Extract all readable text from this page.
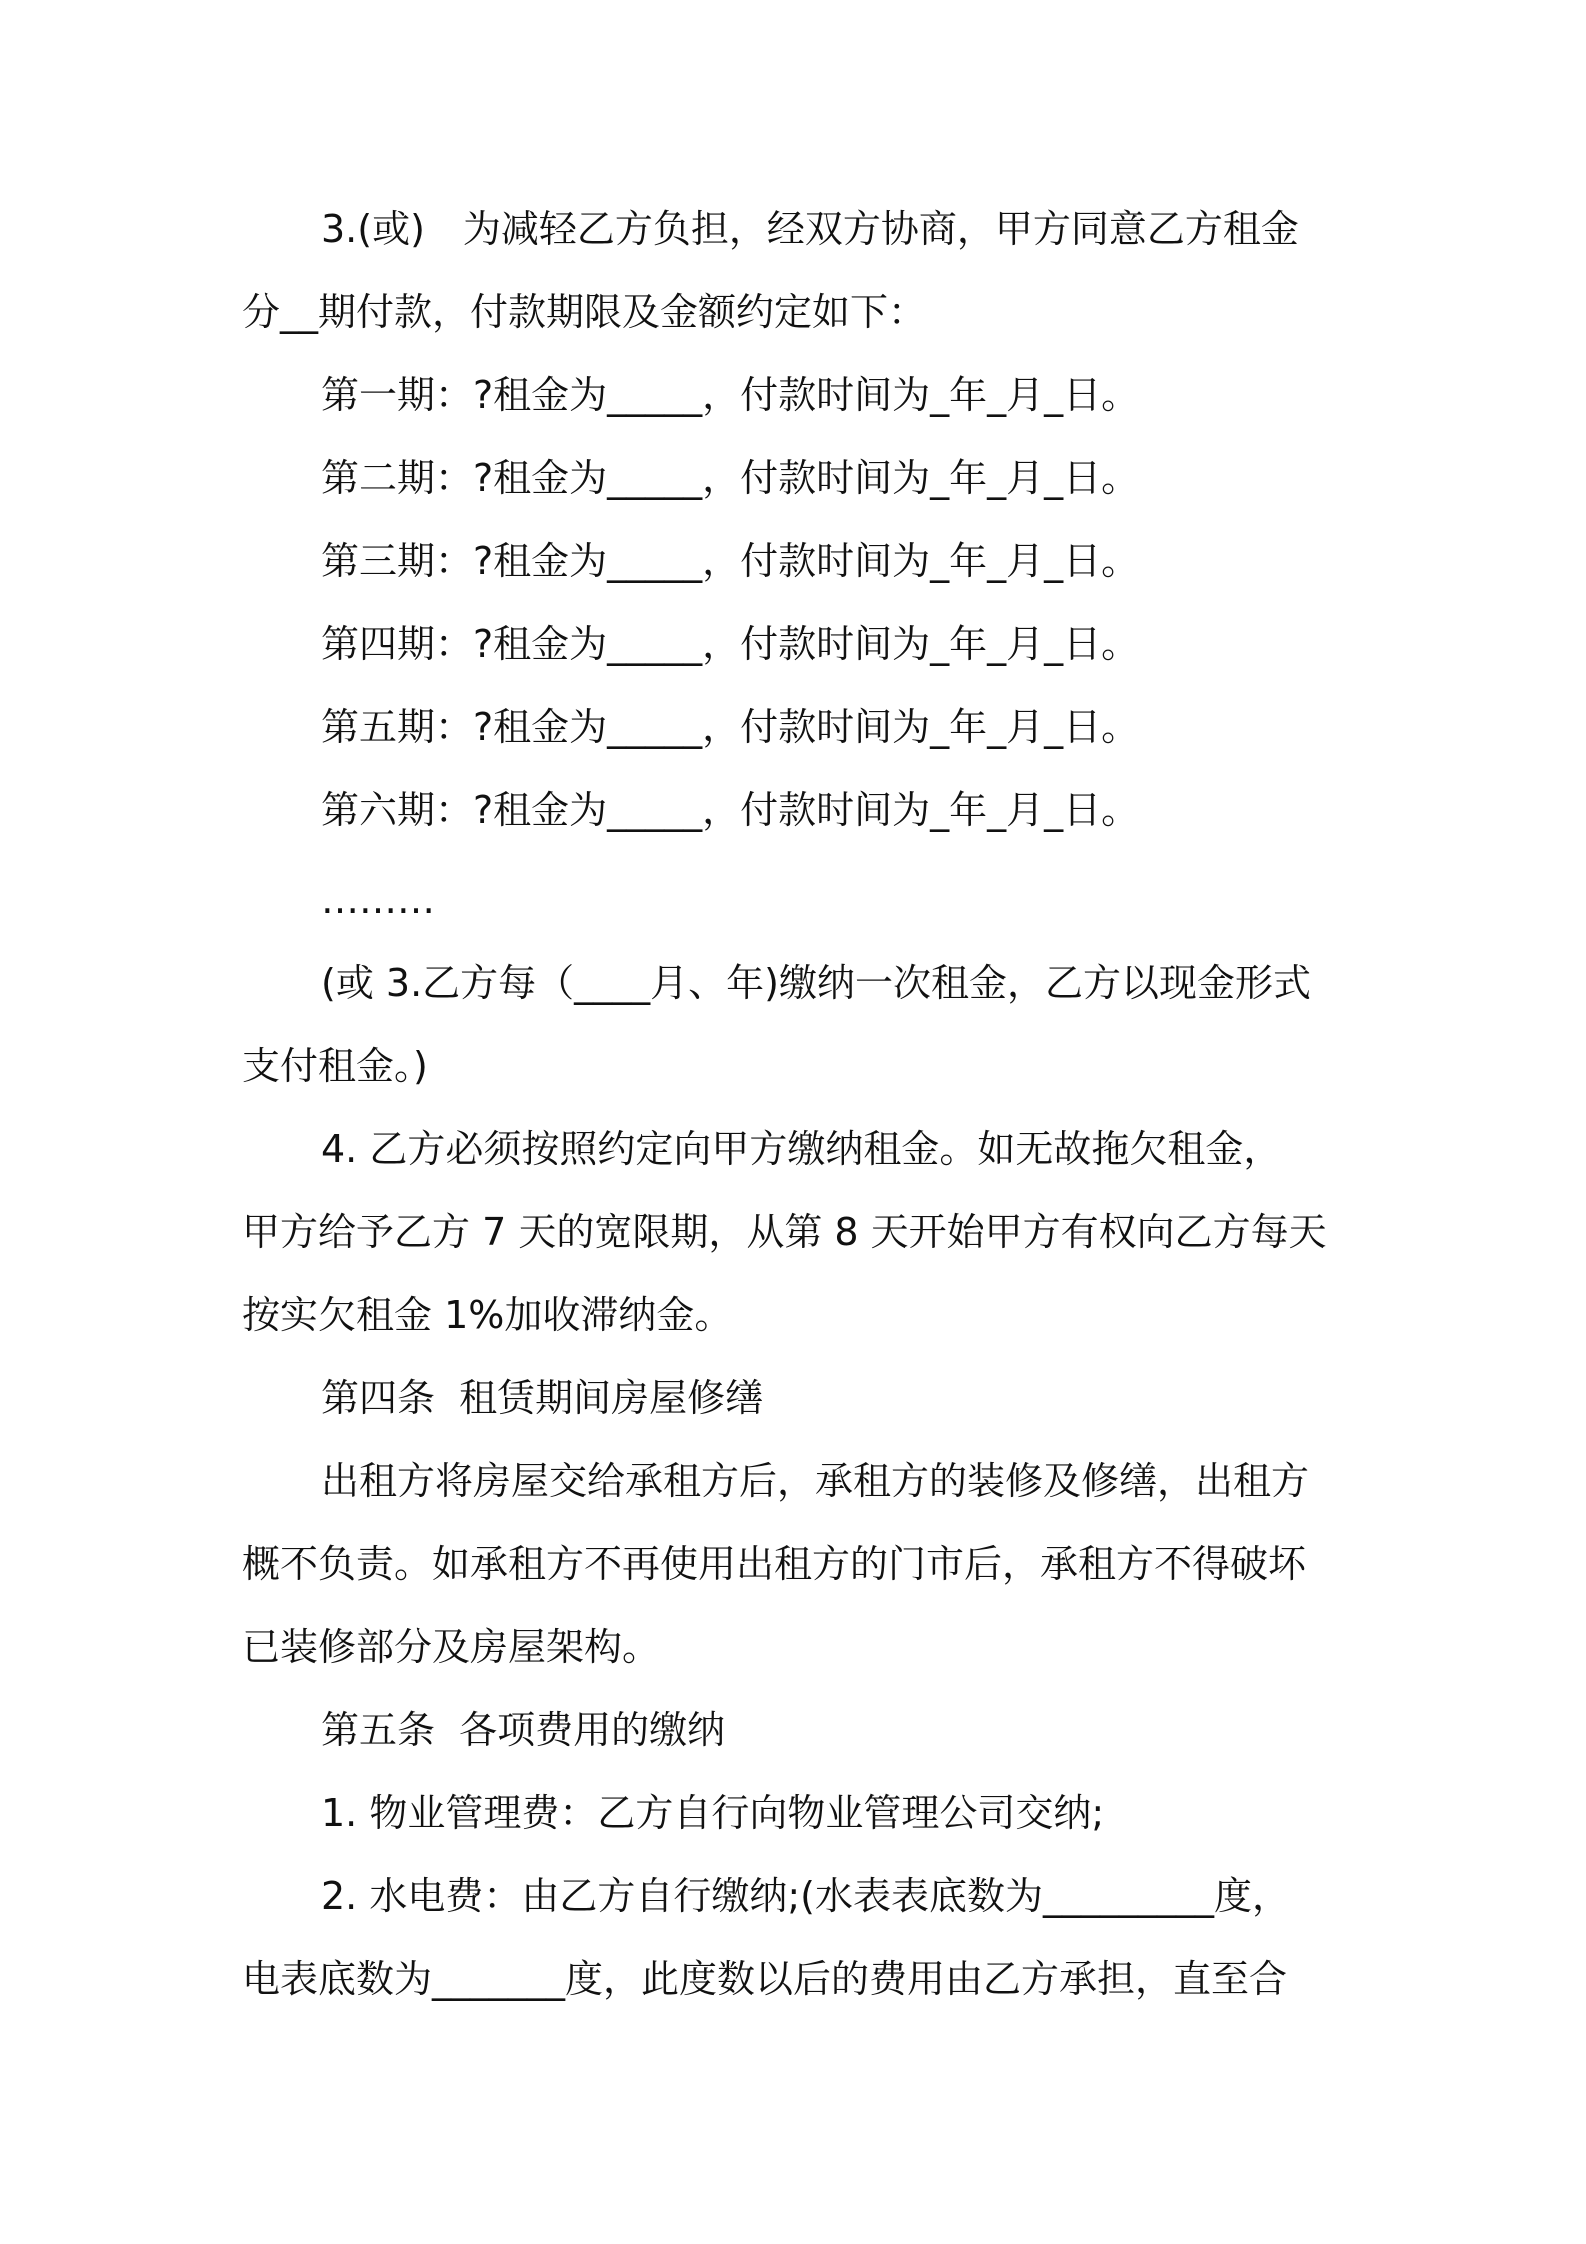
3.(或)　为减轻乙方负担，经双方协商，甲方同意乙方租金
分__期付款，付款期限及金额约定如下：
第一期：?租金为_____，付款时间为_年_月_日。
第二期：?租金为_____，付款时间为_年_月_日。
第三期：?租金为_____，付款时间为_年_月_日。
第四期：?租金为_____，付款时间为_年_月_日。
第五期：?租金为_____，付款时间为_年_月_日。
第六期：?租金为_____，付款时间为_年_月_日。
………
(或 3.乙方每（____月、年)缴纳一次租金，乙方以现金形式
支付租金。)
4. 乙方必须按照约定向甲方缴纳租金。如无故拖欠租金，
甲方给予乙方 7 天的宽限期，从第 8 天开始甲方有权向乙方每天
按实欠租金 1%加收滞纳金。
第四条  租赁期间房屋修缮
出租方将房屋交给承租方后，承租方的装修及修缮，出租方
概不负责。如承租方不再使用出租方的门市后，承租方不得破坏
已装修部分及房屋架构。
第五条  各项费用的缴纳
1. 物业管理费：乙方自行向物业管理公司交纳;
2. 水电费：由乙方自行缴纳;(水表表底数为_________度，
电表底数为_______度，此度数以后的费用由乙方承担，直至合
